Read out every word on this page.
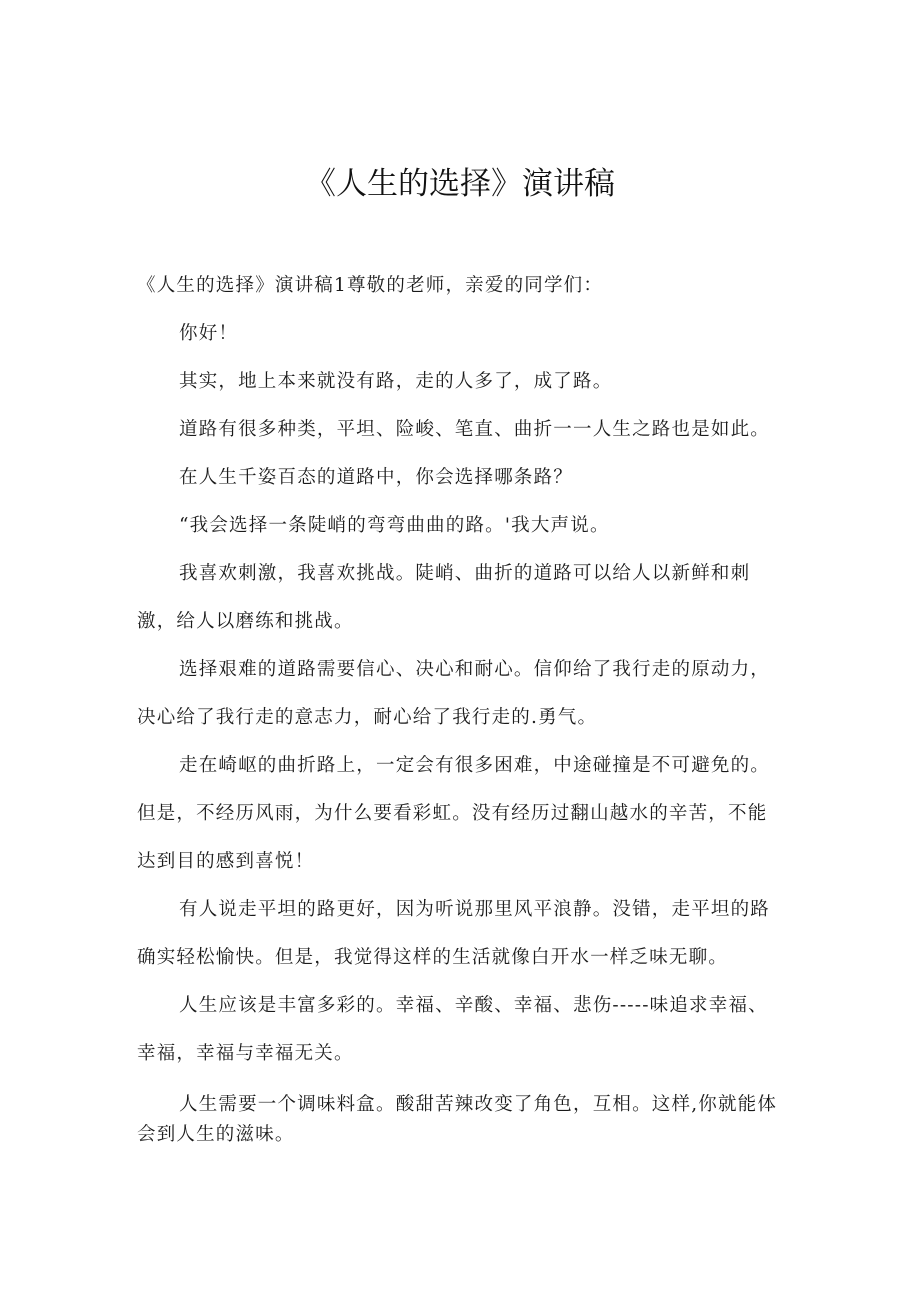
《人生的选择》演讲稿

《人生的选择》演讲稿1尊敬的老师，亲爱的同学们：

你好！

其实，地上本来就没有路，走的人多了，成了路。

道路有很多种类，平坦、险峻、笔直、曲折一一人生之路也是如此。

在人生千姿百态的道路中，你会选择哪条路？

“我会选择一条陡峭的弯弯曲曲的路。'我大声说。

我喜欢刺激，我喜欢挑战。陡峭、曲折的道路可以给人以新鲜和刺激，给人以磨练和挑战。

选择艰难的道路需要信心、决心和耐心。信仰给了我行走的原动力，决心给了我行走的意志力，耐心给了我行走的.勇气。

走在崎岖的曲折路上，一定会有很多困难，中途碰撞是不可避免的。但是，不经历风雨，为什么要看彩虹。没有经历过翻山越水的辛苦，不能达到目的感到喜悦！

有人说走平坦的路更好，因为听说那里风平浪静。没错，走平坦的路确实轻松愉快。但是，我觉得这样的生活就像白开水一样乏味无聊。

人生应该是丰富多彩的。幸福、辛酸、幸福、悲伤-----味追求幸福、幸福，幸福与幸福无关。

人生需要一个调味料盒。酸甜苦辣改变了角色，互相。这样,你就能体会到人生的滋味。
